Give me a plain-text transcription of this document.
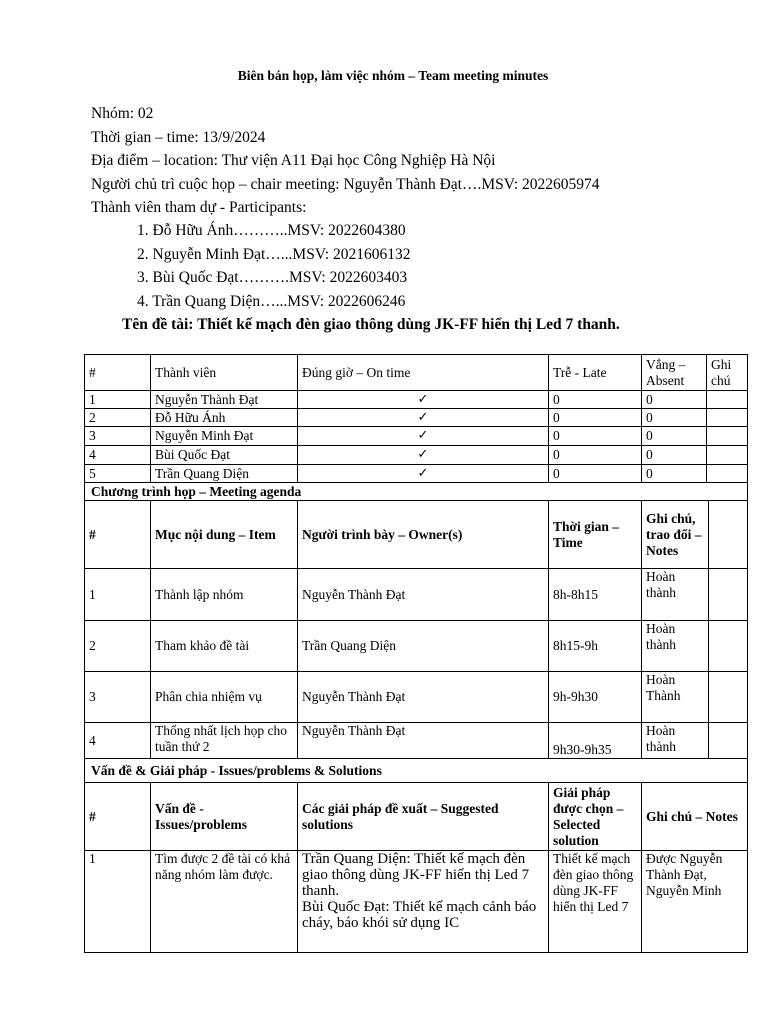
Biên bán họp, làm việc nhóm – Team meeting minutes
Nhóm: 02
Thời gian – time: 13/9/2024
Địa điểm – location: Thư viện A11 Đại học Công Nghiệp Hà Nội
Người chủ trì cuộc họp – chair meeting: Nguyễn Thành Đạt….MSV: 2022605974
Thành viên tham dự - Participants:
1. Đỗ Hữu Ánh………..MSV: 2022604380
2. Nguyễn Minh Đạt…...MSV: 2021606132
3. Bùi Quốc Đạt……….MSV: 2022603403
4. Trần Quang Diện…...MSV: 2022606246
Tên đề tài: Thiết kế mạch đèn giao thông dùng JK-FF hiển thị Led 7 thanh.
#	Thành viên	Đúng giờ – On time	Trễ - Late	Vắng – Absent	Ghi chú
1	Nguyễn Thành Đạt	✓	0	0	
2	Đỗ Hữu Ánh	✓	0	0	
3	Nguyễn Minh Đạt	✓	0	0	
4	Bùi Quốc Đạt	✓	0	0	
5	Trần Quang Diện	✓	0	0	
Chương trình họp – Meeting agenda					
#	Mục nội dung – Item	Người trình bày – Owner(s)	Thời gian – Time	Ghi chú, trao đổi – Notes	
1	Thành lập nhóm	Nguyễn Thành Đạt	8h-8h15	Hoàn thành	
2	Tham khảo đề tài	Trần Quang Diện	8h15-9h	Hoàn thành	
3	Phân chia nhiệm vụ	Nguyễn Thành Đạt	9h-9h30	Hoàn Thành	
4	Thống nhất lịch họp cho tuần thứ 2	Nguyễn Thành Đạt	9h30-9h35	Hoàn thành	
Vấn đề & Giải pháp - Issues/problems & Solutions				
#	Vấn đề - Issues/problems	Các giải pháp đề xuất – Suggested solutions	Giải pháp được chọn – Selected solution	Ghi chú – Notes
1	Tìm được 2 đề tài có khả năng nhóm làm được.	Trần Quang Diện: Thiết kế mạch đèn giao thông dùng JK-FF hiển thị Led 7 thanh.
Bùi Quốc Đạt: Thiết kế mạch cảnh báo cháy, báo khói sử dụng IC	Thiết kế mạch đèn giao thông dùng JK-FF hiển thị Led 7	Được Nguyễn Thành Đạt, Nguyễn Minh
